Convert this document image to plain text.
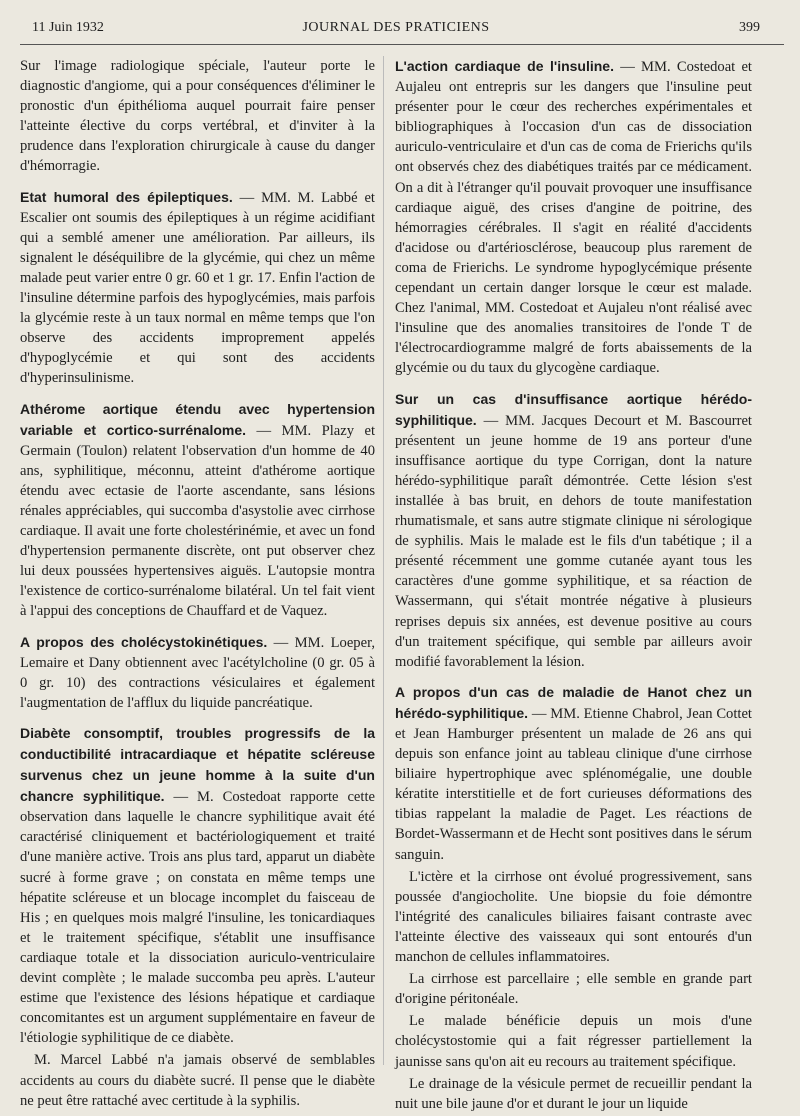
11 Juin 1932	JOURNAL DES PRATICIENS	399

Sur l'image radiologique spéciale, l'auteur porte le diagnostic d'angiome, qui a pour conséquences d'éliminer le pronostic d'un épithélioma auquel pourrait faire penser l'atteinte élective du corps vertébral, et d'inviter à la prudence dans l'exploration chirurgicale à cause du danger d'hémorragie.

Etat humoral des épileptiques. — MM. M. Labbé et Escalier ont soumis des épileptiques à un régime acidifiant qui a semblé amener une amélioration. Par ailleurs, ils signalent le déséquilibre de la glycémie, qui chez un même malade peut varier entre 0 gr. 60 et 1 gr. 17. Enfin l'action de l'insuline détermine parfois des hypoglycémies, mais parfois la glycémie reste à un taux normal en même temps que l'on observe des accidents improprement appelés d'hypoglycémie et qui sont des accidents d'hyperinsulinisme.

Athérome aortique étendu avec hypertension variable et cortico-surrénalome. — MM. Plazy et Germain (Toulon) relatent l'observation d'un homme de 40 ans, syphilitique, méconnu, atteint d'athérome aortique étendu avec ectasie de l'aorte ascendante, sans lésions rénales appréciables, qui succomba d'asystolie avec cirrhose cardiaque. Il avait une forte cholestérinémie, et avec un fond d'hypertension permanente discrète, ont put observer chez lui deux poussées hypertensives aiguës. L'autopsie montra l'existence de cortico-surrénalome bilatéral. Un tel fait vient à l'appui des conceptions de Chauffard et de Vaquez.

A propos des cholécystokinétiques. — MM. Loeper, Lemaire et Dany obtiennent avec l'acétylcholine (0 gr. 05 à 0 gr. 10) des contractions vésiculaires et également l'augmentation de l'afflux du liquide pancréatique.

Diabète consomptif, troubles progressifs de la conductibilité intracardiaque et hépatite scléreuse survenus chez un jeune homme à la suite d'un chancre syphilitique. — M. Costedoat rapporte cette observation dans laquelle le chancre syphilitique avait été caractérisé cliniquement et bactériologiquement et traité d'une manière active. Trois ans plus tard, apparut un diabète sucré à forme grave ; on constata en même temps une hépatite scléreuse et un blocage incomplet du faisceau de His ; en quelques mois malgré l'insuline, les tonicardiaques et le traitement spécifique, s'établit une insuffisance cardiaque totale et la dissociation auriculo-ventriculaire devint complète ; le malade succomba peu après. L'auteur estime que l'existence des lésions hépatique et cardiaque concomitantes est un argument supplémentaire en faveur de l'étiologie syphilitique de ce diabète.

M. Marcel Labbé n'a jamais observé de semblables accidents au cours du diabète sucré. Il pense que le diabète ne peut être rattaché avec certitude à la syphilis.

L'action cardiaque de l'insuline. — MM. Costedoat et Aujaleu ont entrepris sur les dangers que l'insuline peut présenter pour le cœur des recherches expérimentales et bibliographiques à l'occasion d'un cas de dissociation auriculo-ventriculaire et d'un cas de coma de Frierichs qu'ils ont observés chez des diabétiques traités par ce médicament. On a dit à l'étranger qu'il pouvait provoquer une insuffisance cardiaque aiguë, des crises d'angine de poitrine, des hémorragies cérébrales. Il s'agit en réalité d'accidents d'acidose ou d'artériosclérose, beaucoup plus rarement de coma de Frierichs. Le syndrome hypoglycémique présente cependant un certain danger lorsque le cœur est malade. Chez l'animal, MM. Costedoat et Aujaleu n'ont réalisé avec l'insuline que des anomalies transitoires de l'onde T de l'électrocardiogramme malgré de forts abaissements de la glycémie ou du taux du glycogène cardiaque.

Sur un cas d'insuffisance aortique hérédo-syphilitique. — MM. Jacques Decourt et M. Bascourret présentent un jeune homme de 19 ans porteur d'une insuffisance aortique du type Corrigan, dont la nature hérédo-syphilitique paraît démontrée. Cette lésion s'est installée à bas bruit, en dehors de toute manifestation rhumatismale, et sans autre stigmate clinique ni sérologique de syphilis. Mais le malade est le fils d'un tabétique ; il a présenté récemment une gomme cutanée ayant tous les caractères d'une gomme syphilitique, et sa réaction de Wassermann, qui s'était montrée négative à plusieurs reprises depuis six années, est devenue positive au cours d'un traitement spécifique, qui semble par ailleurs avoir modifié favorablement la lésion.

A propos d'un cas de maladie de Hanot chez un hérédo-syphilitique. — MM. Etienne Chabrol, Jean Cottet et Jean Hamburger présentent un malade de 26 ans qui depuis son enfance joint au tableau clinique d'une cirrhose biliaire hypertrophique avec splénomégalie, une double kératite interstitielle et de fort curieuses déformations des tibias rappelant la maladie de Paget. Les réactions de Bordet-Wassermann et de Hecht sont positives dans le sérum sanguin.

L'ictère et la cirrhose ont évolué progressivement, sans poussée d'angiocholite. Une biopsie du foie démontre l'intégrité des canalicules biliaires faisant contraste avec l'atteinte élective des vaisseaux qui sont entourés d'un manchon de cellules inflammatoires.

La cirrhose est parcellaire ; elle semble en grande part d'origine péritonéale.

Le malade bénéficie depuis un mois d'une cholécystostomie qui a fait régresser partiellement la jaunisse sans qu'on ait eu recours au traitement spécifique.

Le drainage de la vésicule permet de recueillir pendant la nuit une bile jaune d'or et durant le jour un liquide
